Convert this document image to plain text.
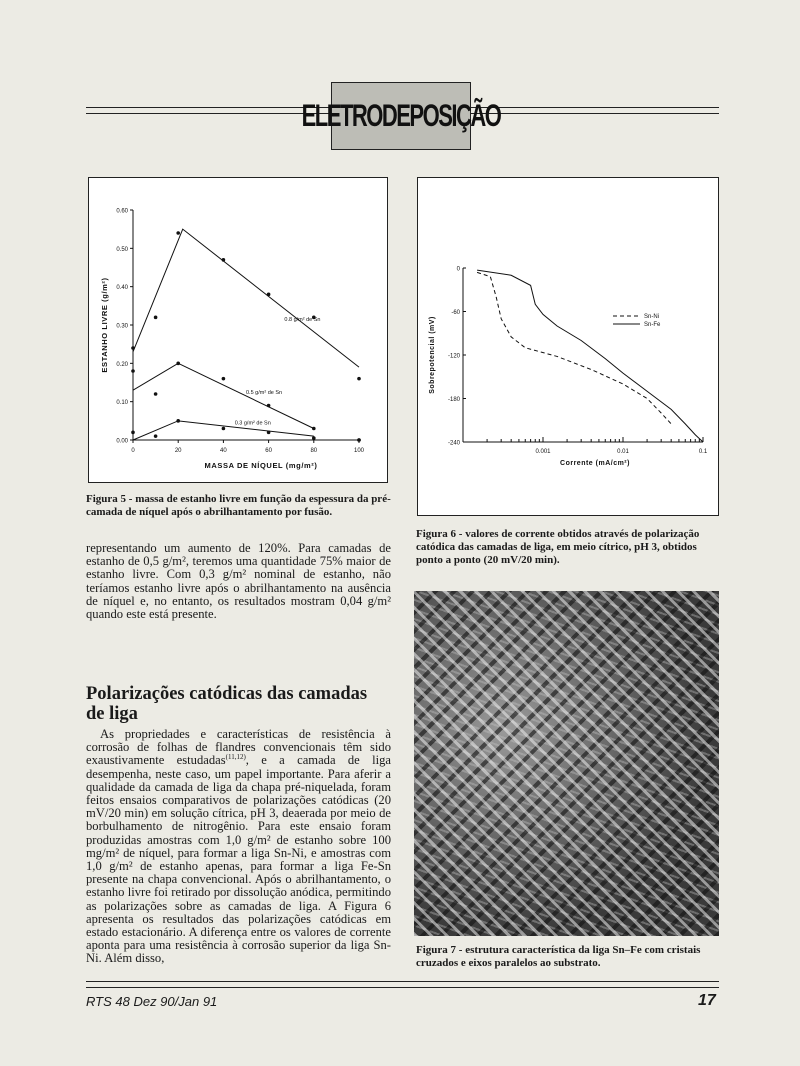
ELETRODEPOSIÇÃO
0.00
0.10
0.20
0.30
0.40
0.50
0.60
0	20	40	60	80	100
MASSA DE NÍQUEL (mg/m²)
ESTANHO LIVRE (g/m²)	0.8 g/m² de Sn
0.5 g/m² de Sn
0.3 g/m² de Sn
Figura 5 - massa de estanho livre em função da espessura da pré-camada de níquel após o abrilhantamento por fusão.
0
-60
-120
-180
-240
0.001	0.01	0.1
Corrente (mA/cm²)
Sobrepotencial (mV)	Sn-Ni
Sn-Fe
Figura 6 - valores de corrente obtidos através de polarização catódica das camadas de liga, em meio cítrico, pH 3, obtidos ponto a ponto (20 mV/20 min).

representando um aumento de 120%. Para camadas de estanho de 0,5 g/m², teremos uma quantidade 75% maior de estanho livre. Com 0,3 g/m² nominal de estanho, não teríamos estanho livre após o abrilhantamento na ausência de níquel e, no entanto, os resultados mostram 0,04 g/m² quando este está presente.

Polarizações catódicas das camadas de liga

As propriedades e características de resistência à corrosão de folhas de flandres convencionais têm sido exaustivamente estudadas$^{(11,12)}$, e a camada de liga desempenha, neste caso, um papel importante. Para aferir a qualidade da camada de liga da chapa pré-niquelada, foram feitos ensaios comparativos de polarizações catódicas (20 mV/20 min) em solução cítrica, pH 3, deaerada por meio de borbulhamento de nitrogênio. Para este ensaio foram produzidas amostras com 1,0 g/m² de estanho sobre 100 mg/m² de níquel, para formar a liga Sn-Ni, e amostras com 1,0 g/m² de estanho apenas, para formar a liga Fe-Sn presente na chapa convencional. Após o abrilhantamento, o estanho livre foi retirado por dissolução anódica, permitindo as polarizações sobre as camadas de liga. A Figura 6 apresenta os resultados das polarizações catódicas em estado estacionário. A diferença entre os valores de corrente aponta para uma resistência à corrosão superior da liga Sn-Ni. Além disso,

Figura 7 - estrutura característica da liga Sn–Fe com cristais cruzados e eixos paralelos ao substrato.
RTS 48 Dez 90/Jan 91	17
